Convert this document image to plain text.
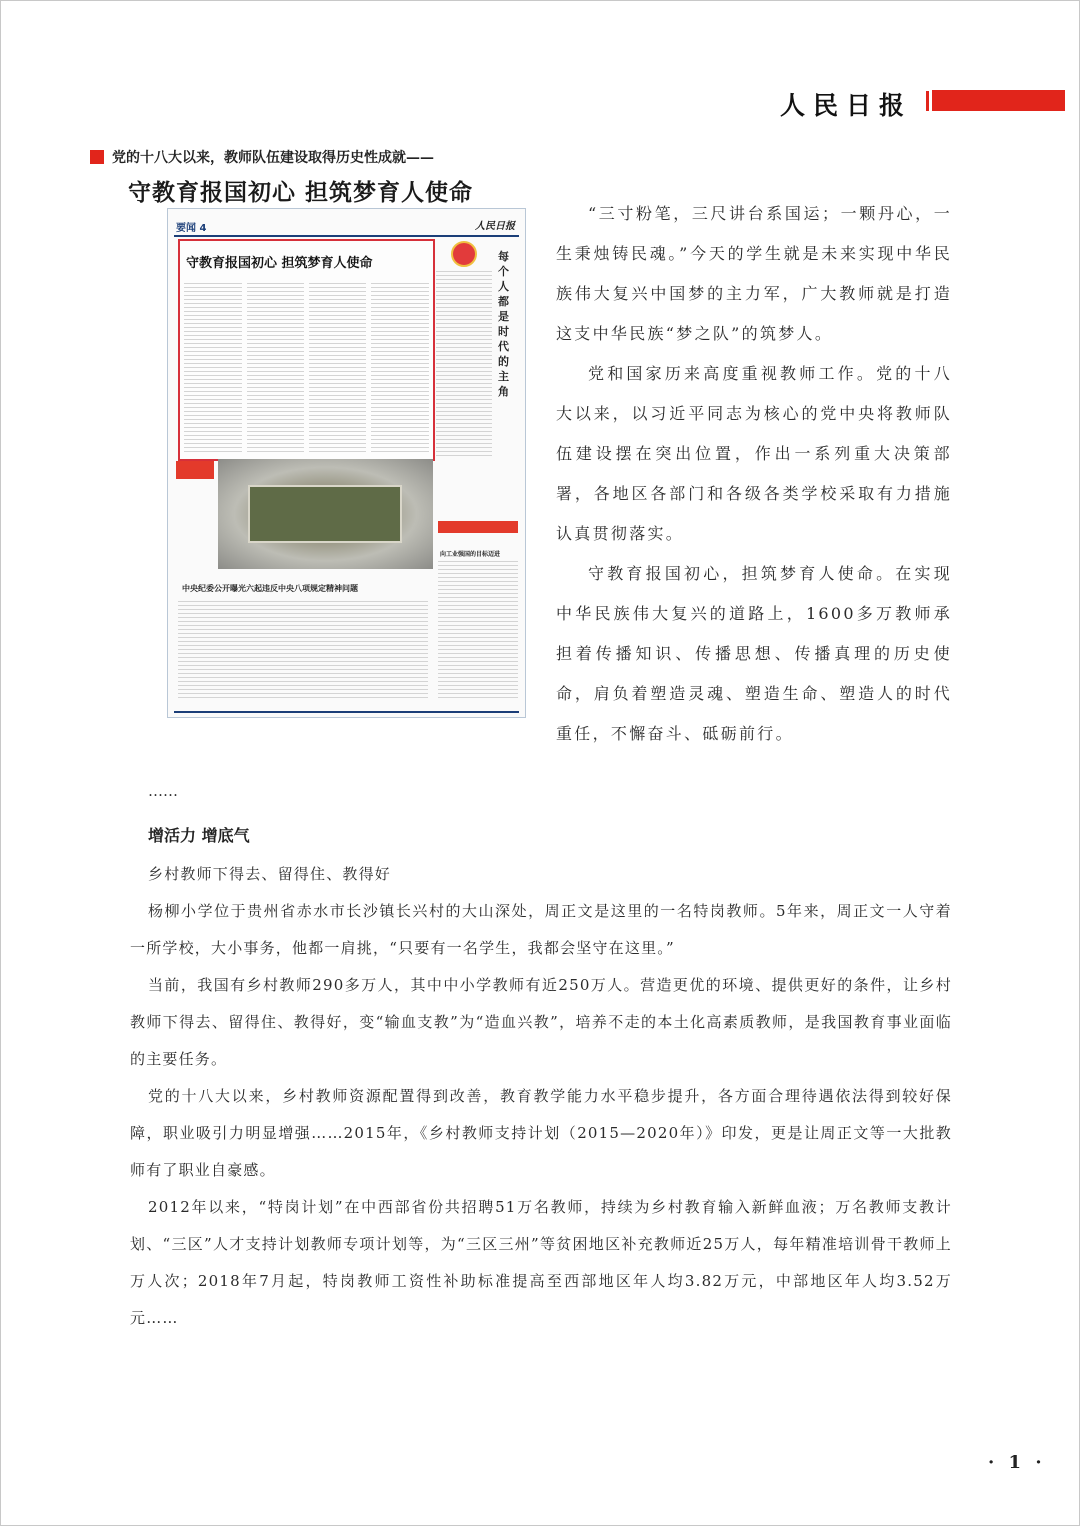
人民日报
党的十八大以来，教师队伍建设取得历史性成就——
守教育报国初心 担筑梦育人使命
要闻 4	人民日报
守教育报国初心 担筑梦育人使命	每个人都是时代的主角
向工业强国的目标迈进
中央纪委公开曝光六起违反中央八项规定精神问题

“三寸粉笔，三尺讲台系国运；一颗丹心，一生秉烛铸民魂。”今天的学生就是未来实现中华民族伟大复兴中国梦的主力军，广大教师就是打造这支中华民族“梦之队”的筑梦人。

党和国家历来高度重视教师工作。党的十八大以来，以习近平同志为核心的党中央将教师队伍建设摆在突出位置，作出一系列重大决策部署，各地区各部门和各级各类学校采取有力措施认真贯彻落实。

守教育报国初心，担筑梦育人使命。在实现中华民族伟大复兴的道路上，1600多万教师承担着传播知识、传播思想、传播真理的历史使命，肩负着塑造灵魂、塑造生命、塑造人的时代重任，不懈奋斗、砥砺前行。

……
增活力 增底气

乡村教师下得去、留得住、教得好

杨柳小学位于贵州省赤水市长沙镇长兴村的大山深处，周正文是这里的一名特岗教师。5年来，周正文一人守着一所学校，大小事务，他都一肩挑，“只要有一名学生，我都会坚守在这里。”

当前，我国有乡村教师290多万人，其中中小学教师有近250万人。营造更优的环境、提供更好的条件，让乡村教师下得去、留得住、教得好，变“输血支教”为“造血兴教”，培养不走的本土化高素质教师，是我国教育事业面临的主要任务。

党的十八大以来，乡村教师资源配置得到改善，教育教学能力水平稳步提升，各方面合理待遇依法得到较好保障，职业吸引力明显增强……2015年，《乡村教师支持计划（2015—2020年）》印发，更是让周正文等一大批教师有了职业自豪感。

2012年以来，“特岗计划”在中西部省份共招聘51万名教师，持续为乡村教育输入新鲜血液；万名教师支教计划、“三区”人才支持计划教师专项计划等，为“三区三州”等贫困地区补充教师近25万人，每年精准培训骨干教师上万人次；2018年7月起，特岗教师工资性补助标准提高至西部地区年人均3.82万元，中部地区年人均3.52万元……

· 1 ·
